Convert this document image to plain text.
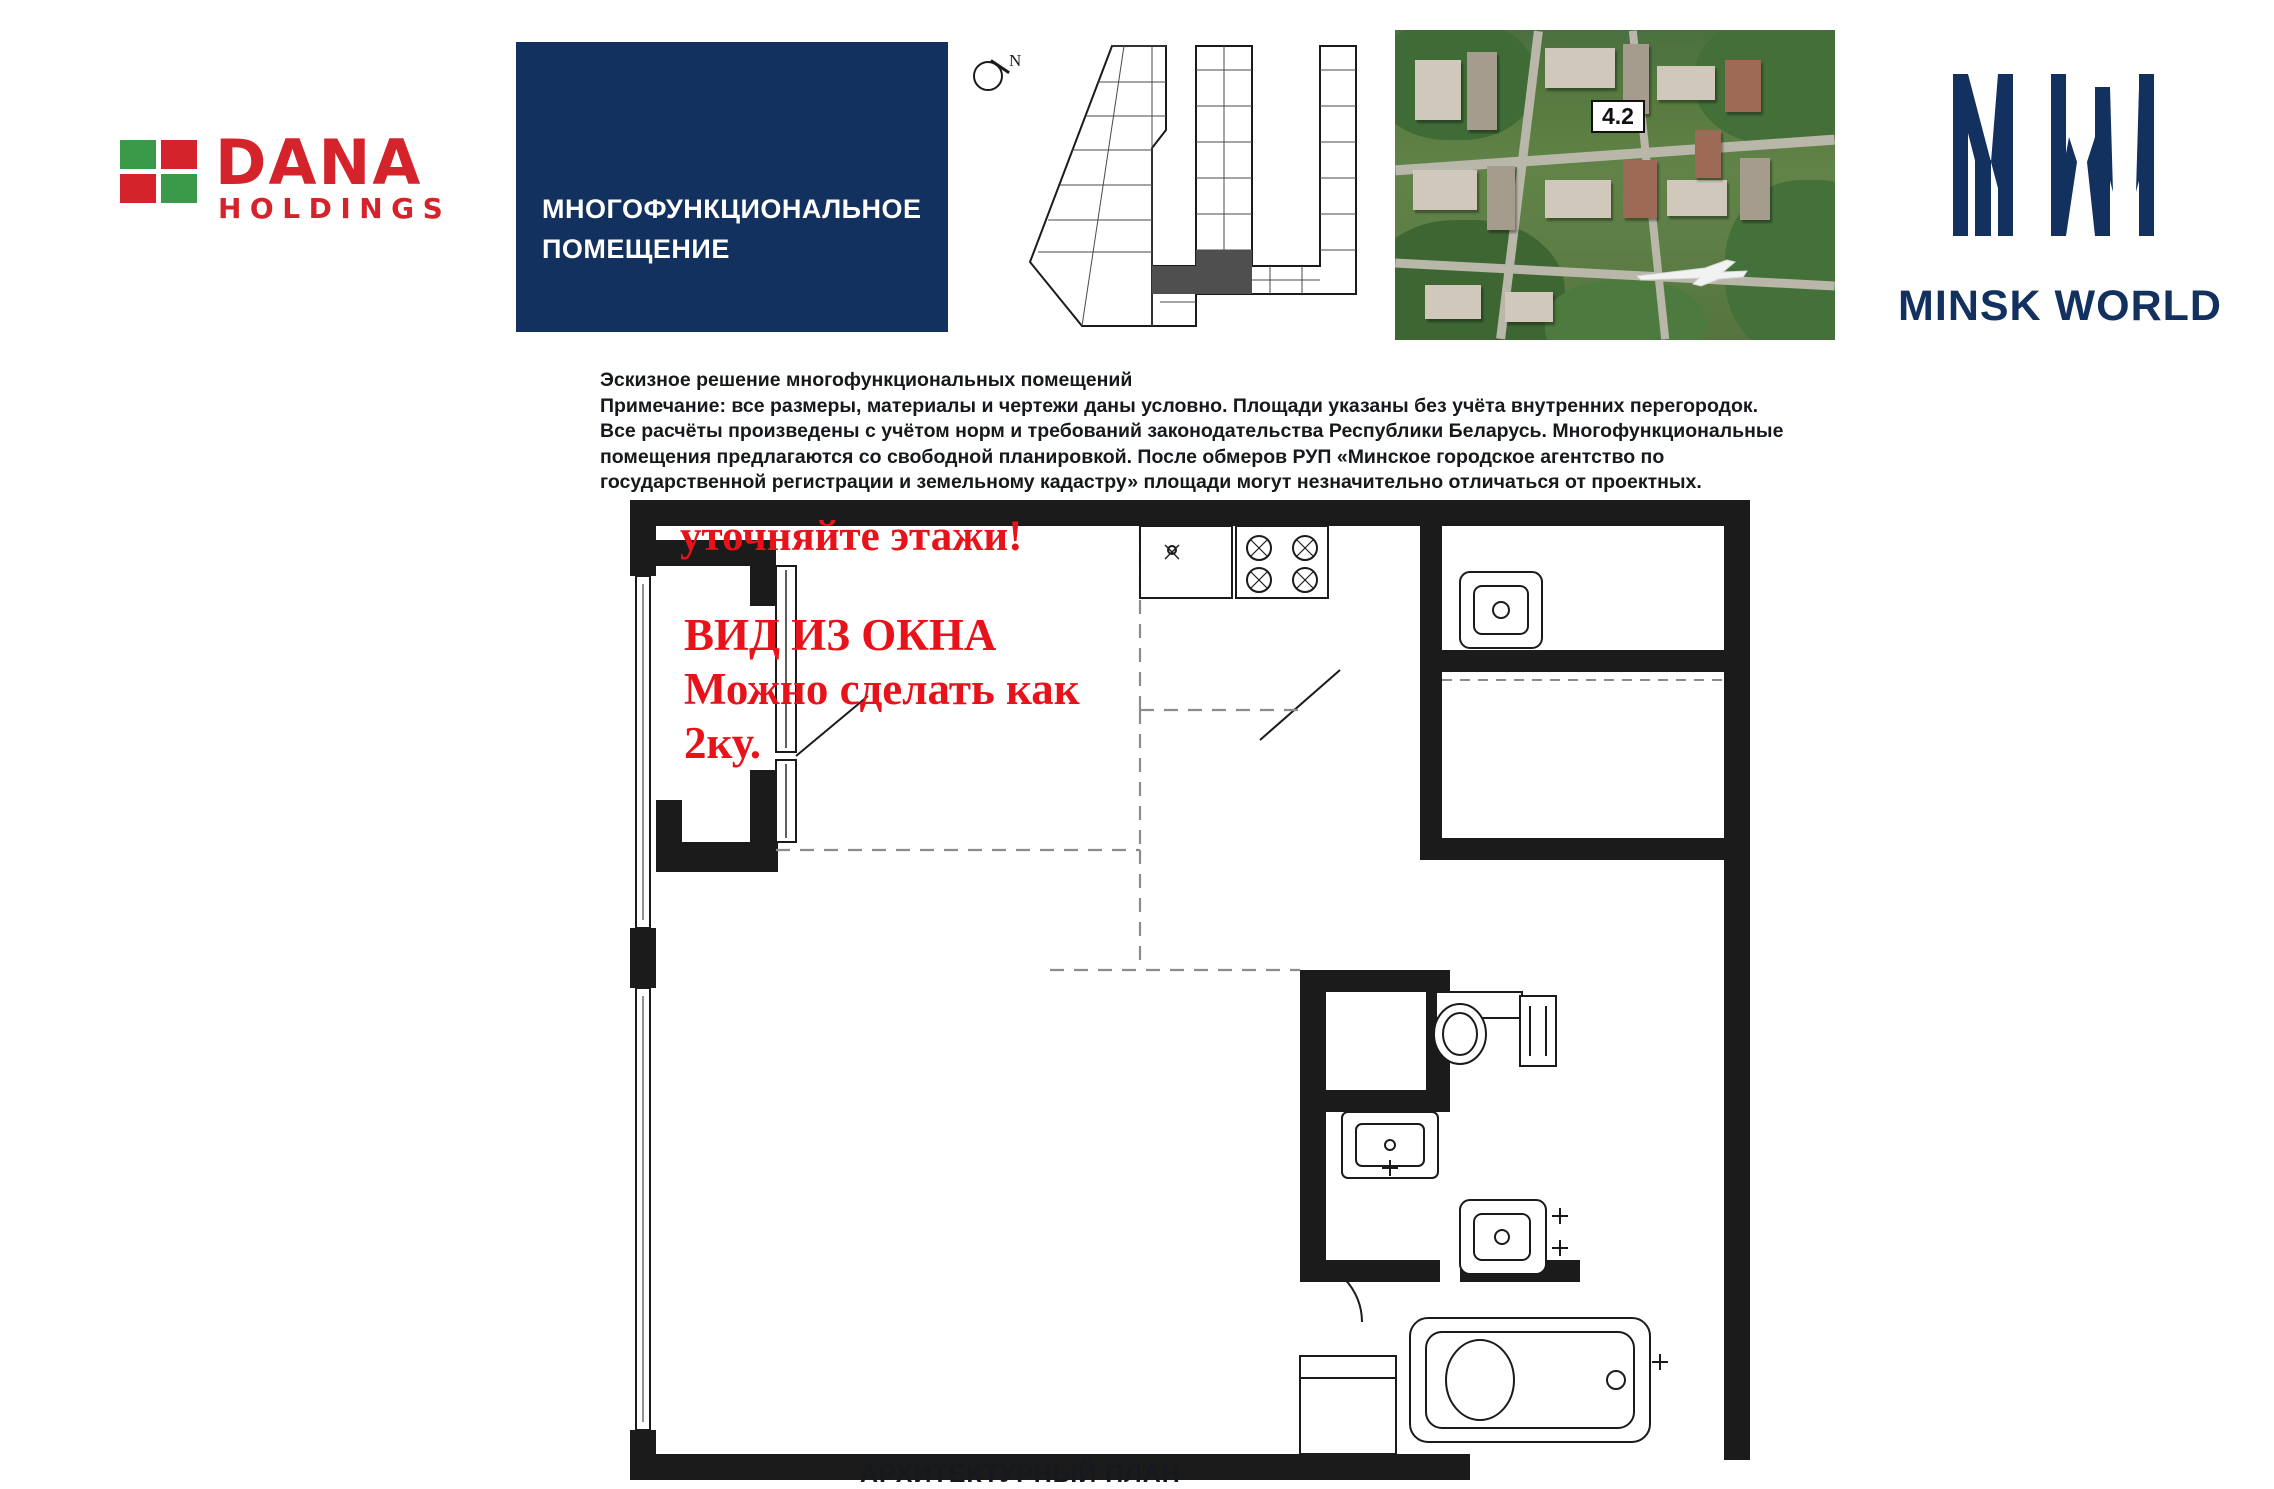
DANA
HOLDINGS	МНОГОФУНКЦИОНАЛЬНОЕ
ПОМЕЩЕНИЕ
N
4.2
MINSK WORLD
Эскизное решение многофункциональных помещений
Примечание: все размеры, материалы и чертежи даны условно. Площади указаны без учёта внутренних перегородок.
Все расчёты произведены с учётом норм и требований законодательства Республики Беларусь. Многофункциональные
помещения предлагаются со свободной планировкой. После обмеров РУП «Минское городское агентство по
государственной регистрации и земельному кадастру» площади могут незначительно отличаться от проектных.
уточняйте этажи!
ВИД ИЗ ОКНА
Можно сделать как
2ку.
АРХИТЕКТУРНЫЙ ПЛАН
